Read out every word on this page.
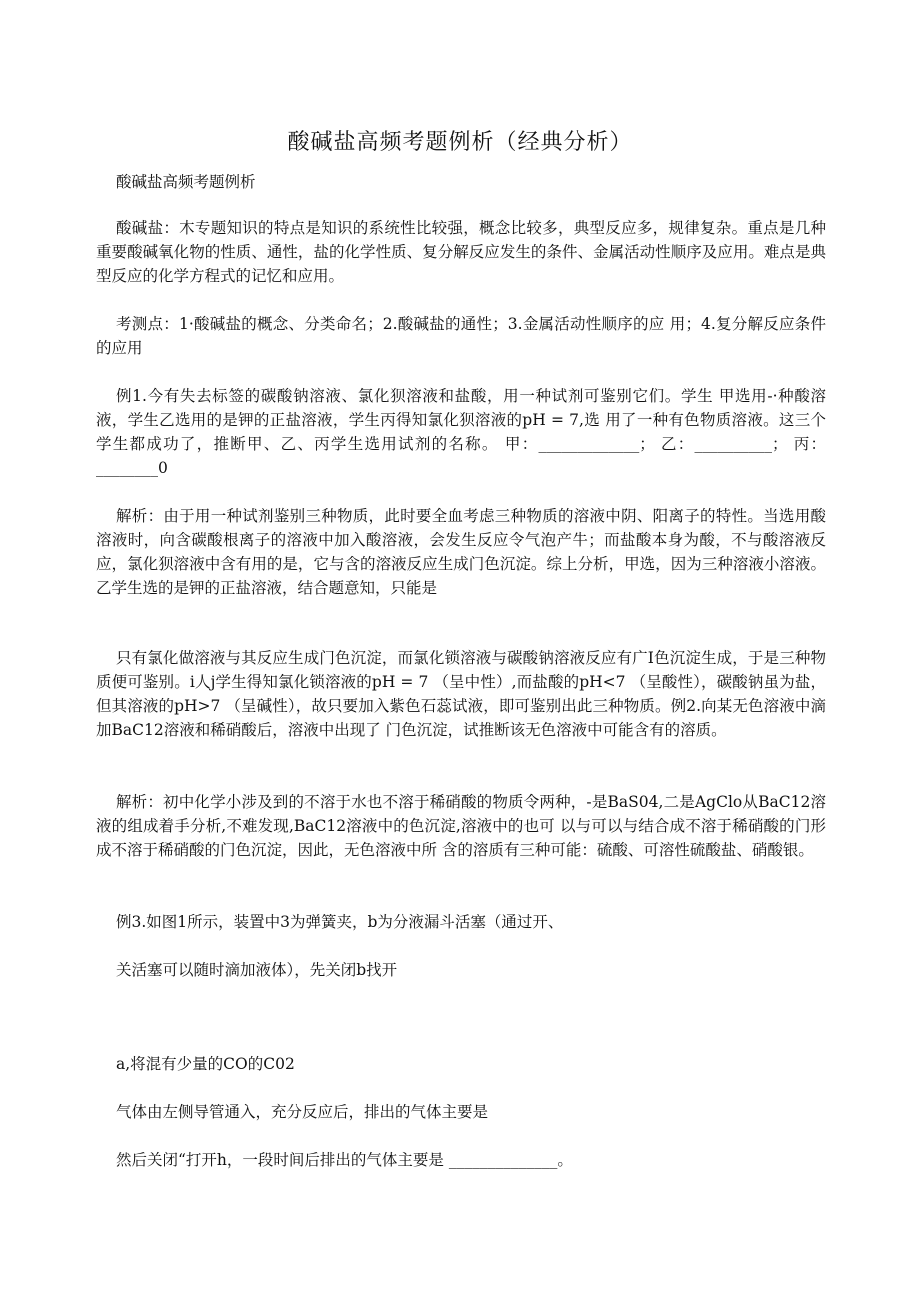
酸碱盐高频考题例析（经典分析）

酸碱盐高频考题例析

酸碱盐：木专题知识的特点是知识的系统性比较强，概念比较多，典型反应多，规律复杂。重点是几种重要酸碱氧化物的性质、通性，盐的化学性质、复分解反应发生的条件、金属活动性顺序及应用。难点是典型反应的化学方程式的记忆和应用。

考测点：1·酸碱盐的概念、分类命名；2.酸碱盐的通性；3.金属活动性顺序的应 用；4.复分解反应条件的应用

例1.今有失去标签的碳酸钠溶液、氯化狈溶液和盐酸，用一种试剂可鉴别它们。学生 甲选用-·种酸溶液，学生乙选用的是钾的正盐溶液，学生丙得知氯化狈溶液的pH = 7,选 用了一种有色物质溶液。这三个学生都成功了，推断甲、乙、丙学生选用试剂的名称。 甲：_____________； 乙：__________； 丙：________0

解析：由于用一种试剂鉴别三种物质，此时要全血考虑三种物质的溶液中阴、阳离子的特性。当选用酸溶液时，向含碳酸根离子的溶液中加入酸溶液，会发生反应令气泡产牛；而盐酸本身为酸，不与酸溶液反应，氯化狈溶液中含有用的是，它与含的溶液反应生成门色沉淀。综上分析，甲选，因为三种溶液小溶液。乙学生选的是钾的正盐溶液，结合题意知，只能是

只有氯化做溶液与其反应生成门色沉淀，而氯化锁溶液与碳酸钠溶液反应有广I色沉淀生成，于是三种物质便可鉴别。i人j学生得知氯化锁溶液的pH = 7 （呈中性）,而盐酸的pH<7 （呈酸性），碳酸钠虽为盐，但其溶液的pH>7 （呈碱性），故只要加入紫色石蕊试液，即可鉴别出此三种物质。例2.向某无色溶液中滴加BaC12溶液和稀硝酸后，溶液中出现了 门色沉淀，试推断该无色溶液中可能含有的溶质。

解析：初中化学小涉及到的不溶于水也不溶于稀硝酸的物质令两种，-是BaS04,二是AgClo从BaC12溶液的组成着手分析,不难发现,BaC12溶液中的色沉淀,溶液中的也可 以与可以与结合成不溶于稀硝酸的门形成不溶于稀硝酸的门色沉淀，因此，无色溶液中所 含的溶质有三种可能：硫酸、可溶性硫酸盐、硝酸银。

例3.如图1所示，装置中3为弹簧夹，b为分液漏斗活塞（通过开、

关活塞可以随时滴加液体），先关闭b找开

a,将混有少量的CO的C02

气体由左侧导管通入，充分反应后，排出的气体主要是

然后关闭“打开h，一段时间后排出的气体主要是 ______________。
